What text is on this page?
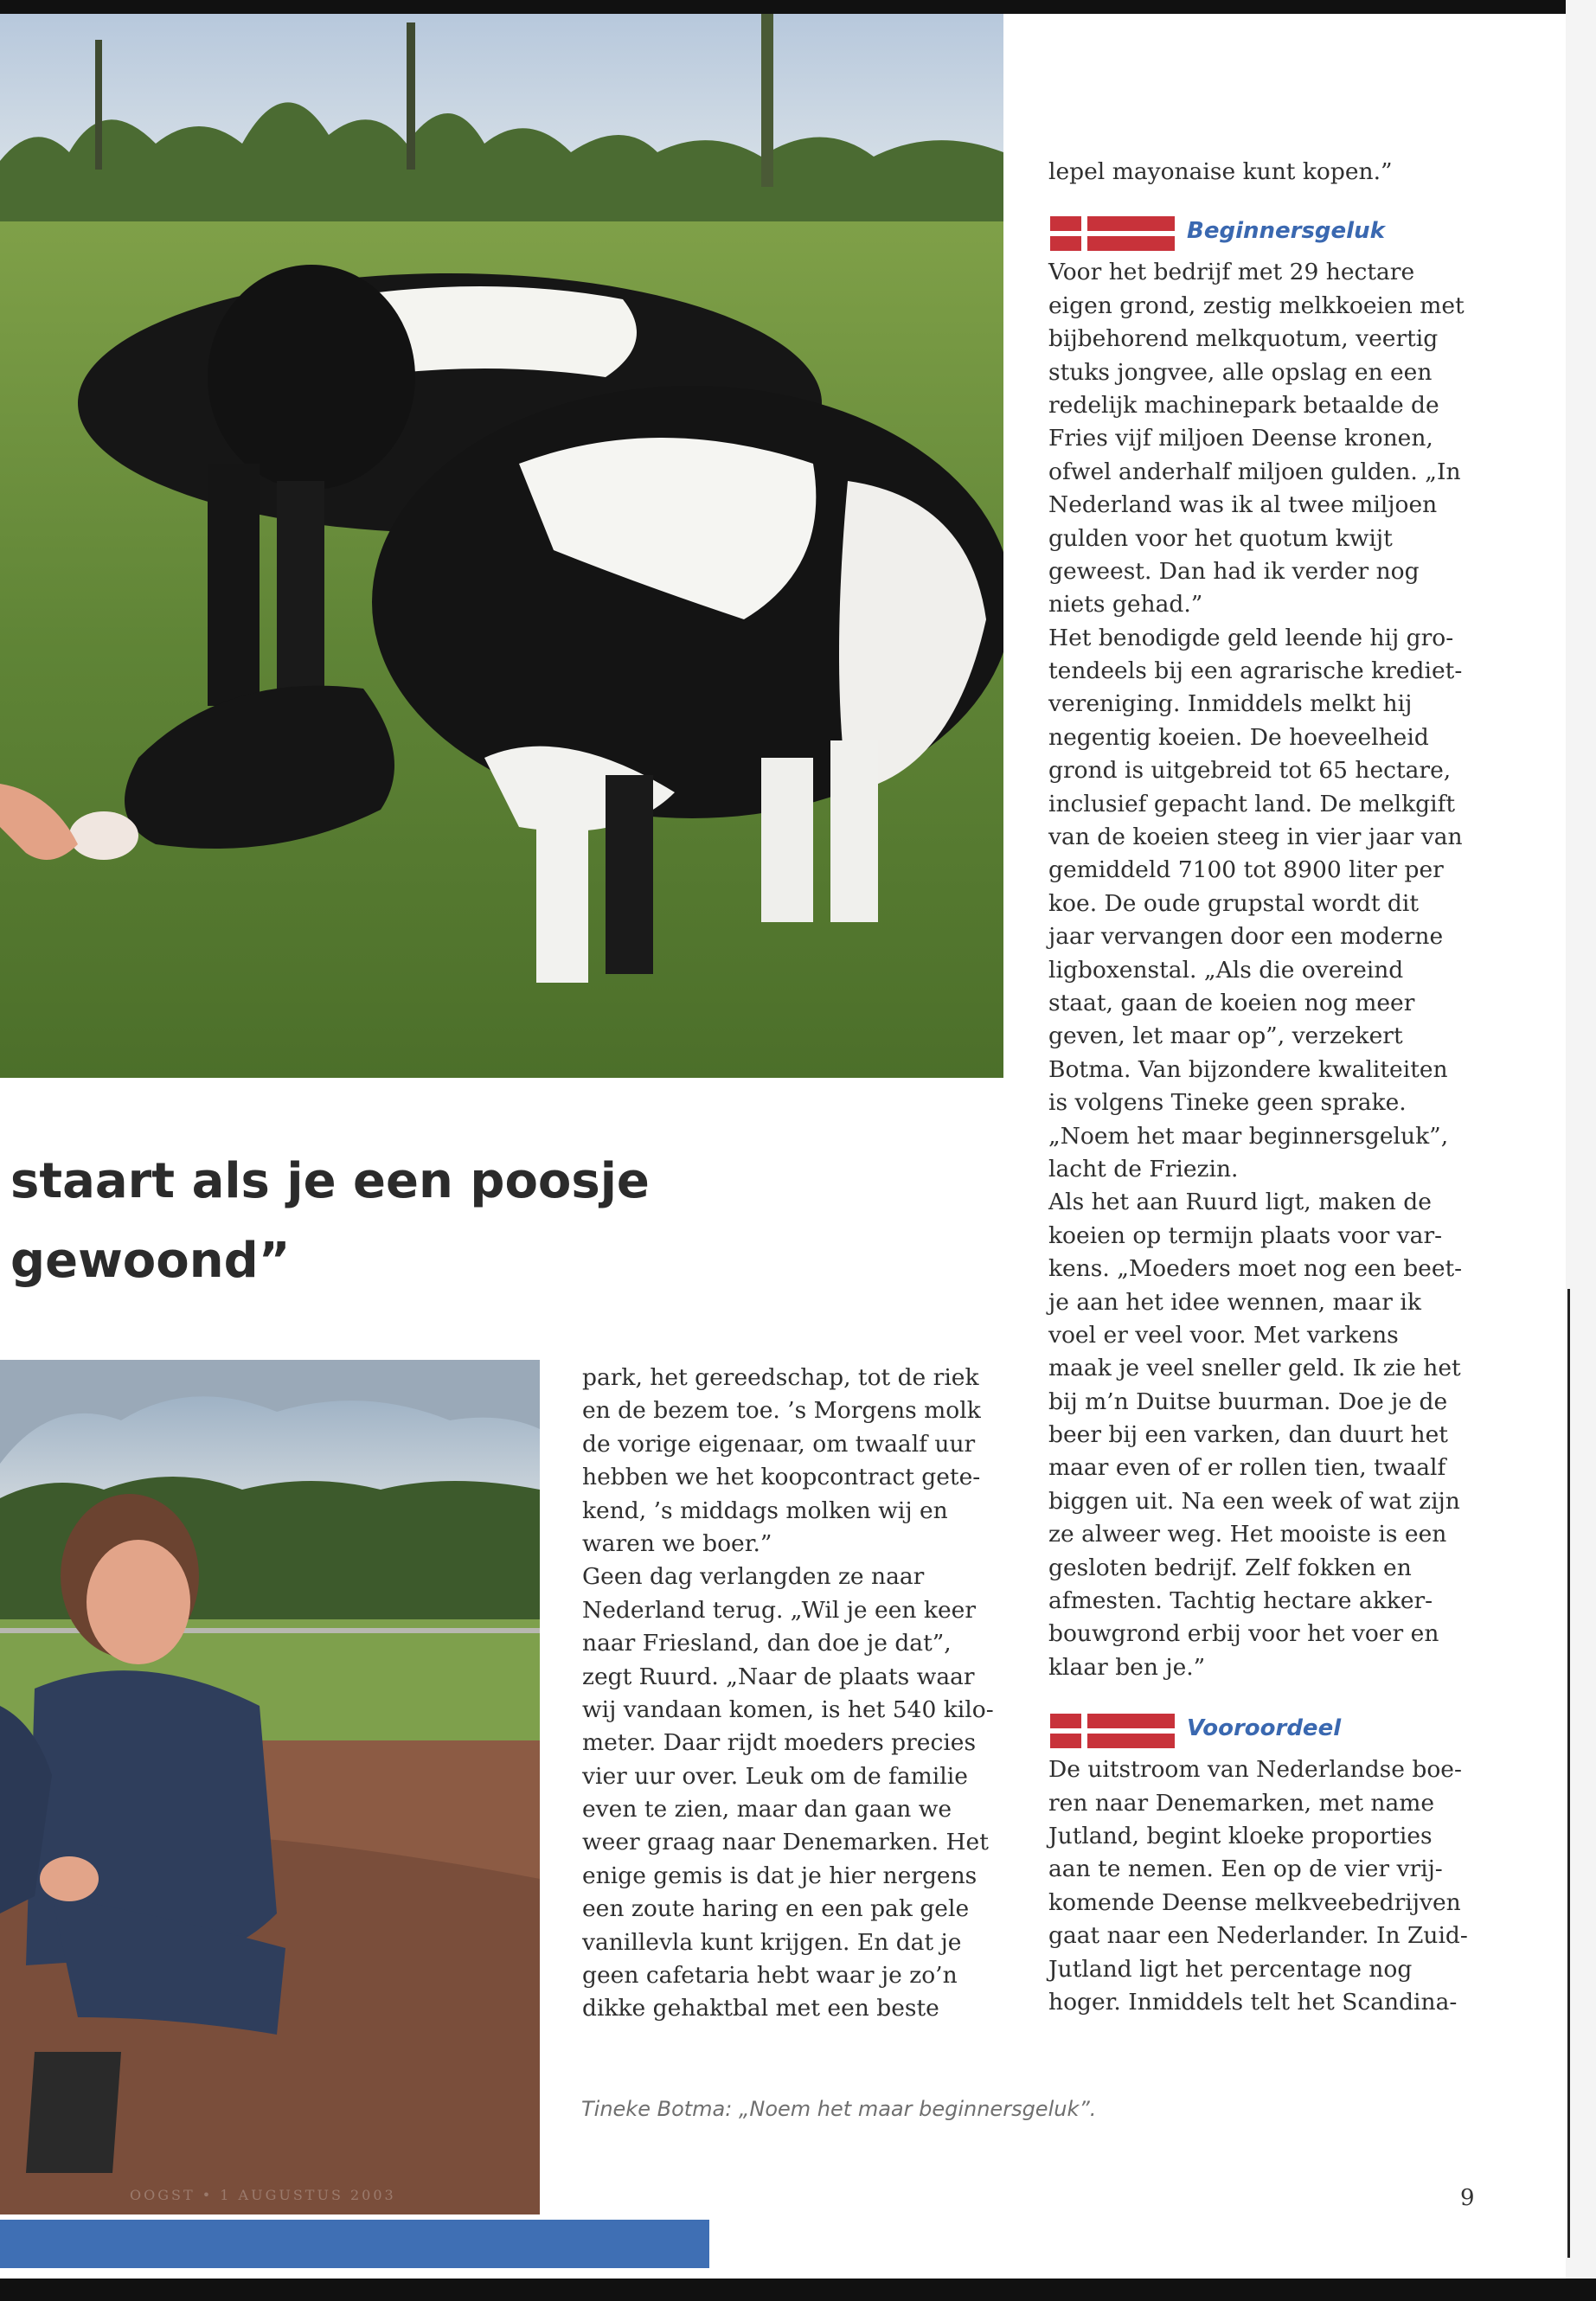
staart als je een poosje
gewoond”
OOGST • 1 AUGUSTUS 2003
park, het gereedschap, tot de riek
en de bezem toe. ’s Morgens molk
de vorige eigenaar, om twaalf uur
hebben we het koopcontract gete-
kend, ’s middags molken wij en
waren we boer.”
Geen dag verlangden ze naar
Nederland terug. „Wil je een keer
naar Friesland, dan doe je dat”,
zegt Ruurd. „Naar de plaats waar
wij vandaan komen, is het 540 kilo-
meter. Daar rijdt moeders precies
vier uur over. Leuk om de familie
even te zien, maar dan gaan we
weer graag naar Denemarken. Het
enige gemis is dat je hier nergens
een zoute haring en een pak gele
vanillevla kunt krijgen. En dat je
geen cafetaria hebt waar je zo’n
dikke gehaktbal met een beste
lepel mayonaise kunt kopen.”
Beginnersgeluk
Voor het bedrijf met 29 hectare
eigen grond, zestig melkkoeien met
bijbehorend melkquotum, veertig
stuks jongvee, alle opslag en een
redelijk machinepark betaalde de
Fries vijf miljoen Deense kronen,
ofwel anderhalf miljoen gulden. „In
Nederland was ik al twee miljoen
gulden voor het quotum kwijt
geweest. Dan had ik verder nog
niets gehad.”
Het benodigde geld leende hij gro-
tendeels bij een agrarische krediet-
vereniging. Inmiddels melkt hij
negentig koeien. De hoeveelheid
grond is uitgebreid tot 65 hectare,
inclusief gepacht land. De melkgift
van de koeien steeg in vier jaar van
gemiddeld 7100 tot 8900 liter per
koe. De oude grupstal wordt dit
jaar vervangen door een moderne
ligboxenstal. „Als die overeind
staat, gaan de koeien nog meer
geven, let maar op”, verzekert
Botma. Van bijzondere kwaliteiten
is volgens Tineke geen sprake.
„Noem het maar beginnersgeluk”,
lacht de Friezin.
Als het aan Ruurd ligt, maken de
koeien op termijn plaats voor var-
kens. „Moeders moet nog een beet-
je aan het idee wennen, maar ik
voel er veel voor. Met varkens
maak je veel sneller geld. Ik zie het
bij m’n Duitse buurman. Doe je de
beer bij een varken, dan duurt het
maar even of er rollen tien, twaalf
biggen uit. Na een week of wat zijn
ze alweer weg. Het mooiste is een
gesloten bedrijf. Zelf fokken en
afmesten. Tachtig hectare akker-
bouwgrond erbij voor het voer en
klaar ben je.”
Vooroordeel
De uitstroom van Nederlandse boe-
ren naar Denemarken, met name
Jutland, begint kloeke proporties
aan te nemen. Een op de vier vrij-
komende Deense melkveebedrijven
gaat naar een Nederlander. In Zuid-
Jutland ligt het percentage nog
hoger. Inmiddels telt het Scandina-
Tineke Botma: „Noem het maar beginnersgeluk”.
9
